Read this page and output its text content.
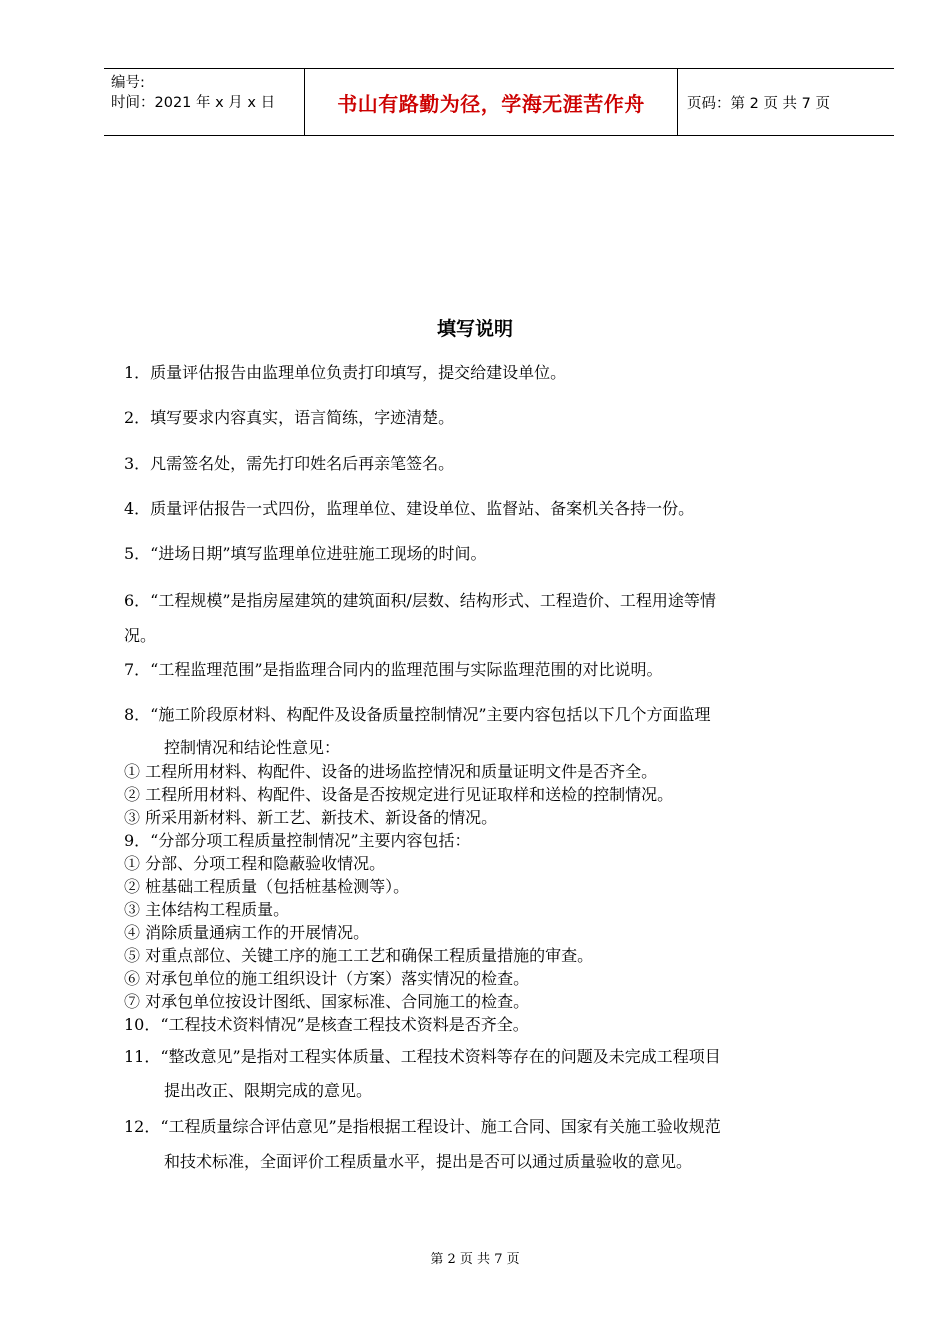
编号:
时间：2021 年 x 月 x 日	书山有路勤为径，学海无涯苦作舟	页码：第 2 页 共 7 页
填写说明
1．质量评估报告由监理单位负责打印填写，提交给建设单位。
2．填写要求内容真实，语言简练，字迹清楚。
3．凡需签名处，需先打印姓名后再亲笔签名。
4．质量评估报告一式四份，监理单位、建设单位、监督站、备案机关各持一份。
5．“进场日期”填写监理单位进驻施工现场的时间。
6．“工程规模”是指房屋建筑的建筑面积/层数、结构形式、工程造价、工程用途等情
况。
7．“工程监理范围”是指监理合同内的监理范围与实际监理范围的对比说明。
8．“施工阶段原材料、构配件及设备质量控制情况”主要内容包括以下几个方面监理
控制情况和结论性意见：
① 工程所用材料、构配件、设备的进场监控情况和质量证明文件是否齐全。
② 工程所用材料、构配件、设备是否按规定进行见证取样和送检的控制情况。
③ 所采用新材料、新工艺、新技术、新设备的情况。
9．“分部分项工程质量控制情况”主要内容包括：
① 分部、分项工程和隐蔽验收情况。
② 桩基础工程质量（包括桩基检测等）。
③ 主体结构工程质量。
④ 消除质量通病工作的开展情况。
⑤ 对重点部位、关键工序的施工工艺和确保工程质量措施的审查。
⑥ 对承包单位的施工组织设计（方案）落实情况的检查。
⑦ 对承包单位按设计图纸、国家标准、合同施工的检查。
10．“工程技术资料情况”是核查工程技术资料是否齐全。
11．“整改意见”是指对工程实体质量、工程技术资料等存在的问题及未完成工程项目
提出改正、限期完成的意见。
12．“工程质量综合评估意见”是指根据工程设计、施工合同、国家有关施工验收规范
和技术标准，全面评价工程质量水平，提出是否可以通过质量验收的意见。
第 2 页 共 7 页
